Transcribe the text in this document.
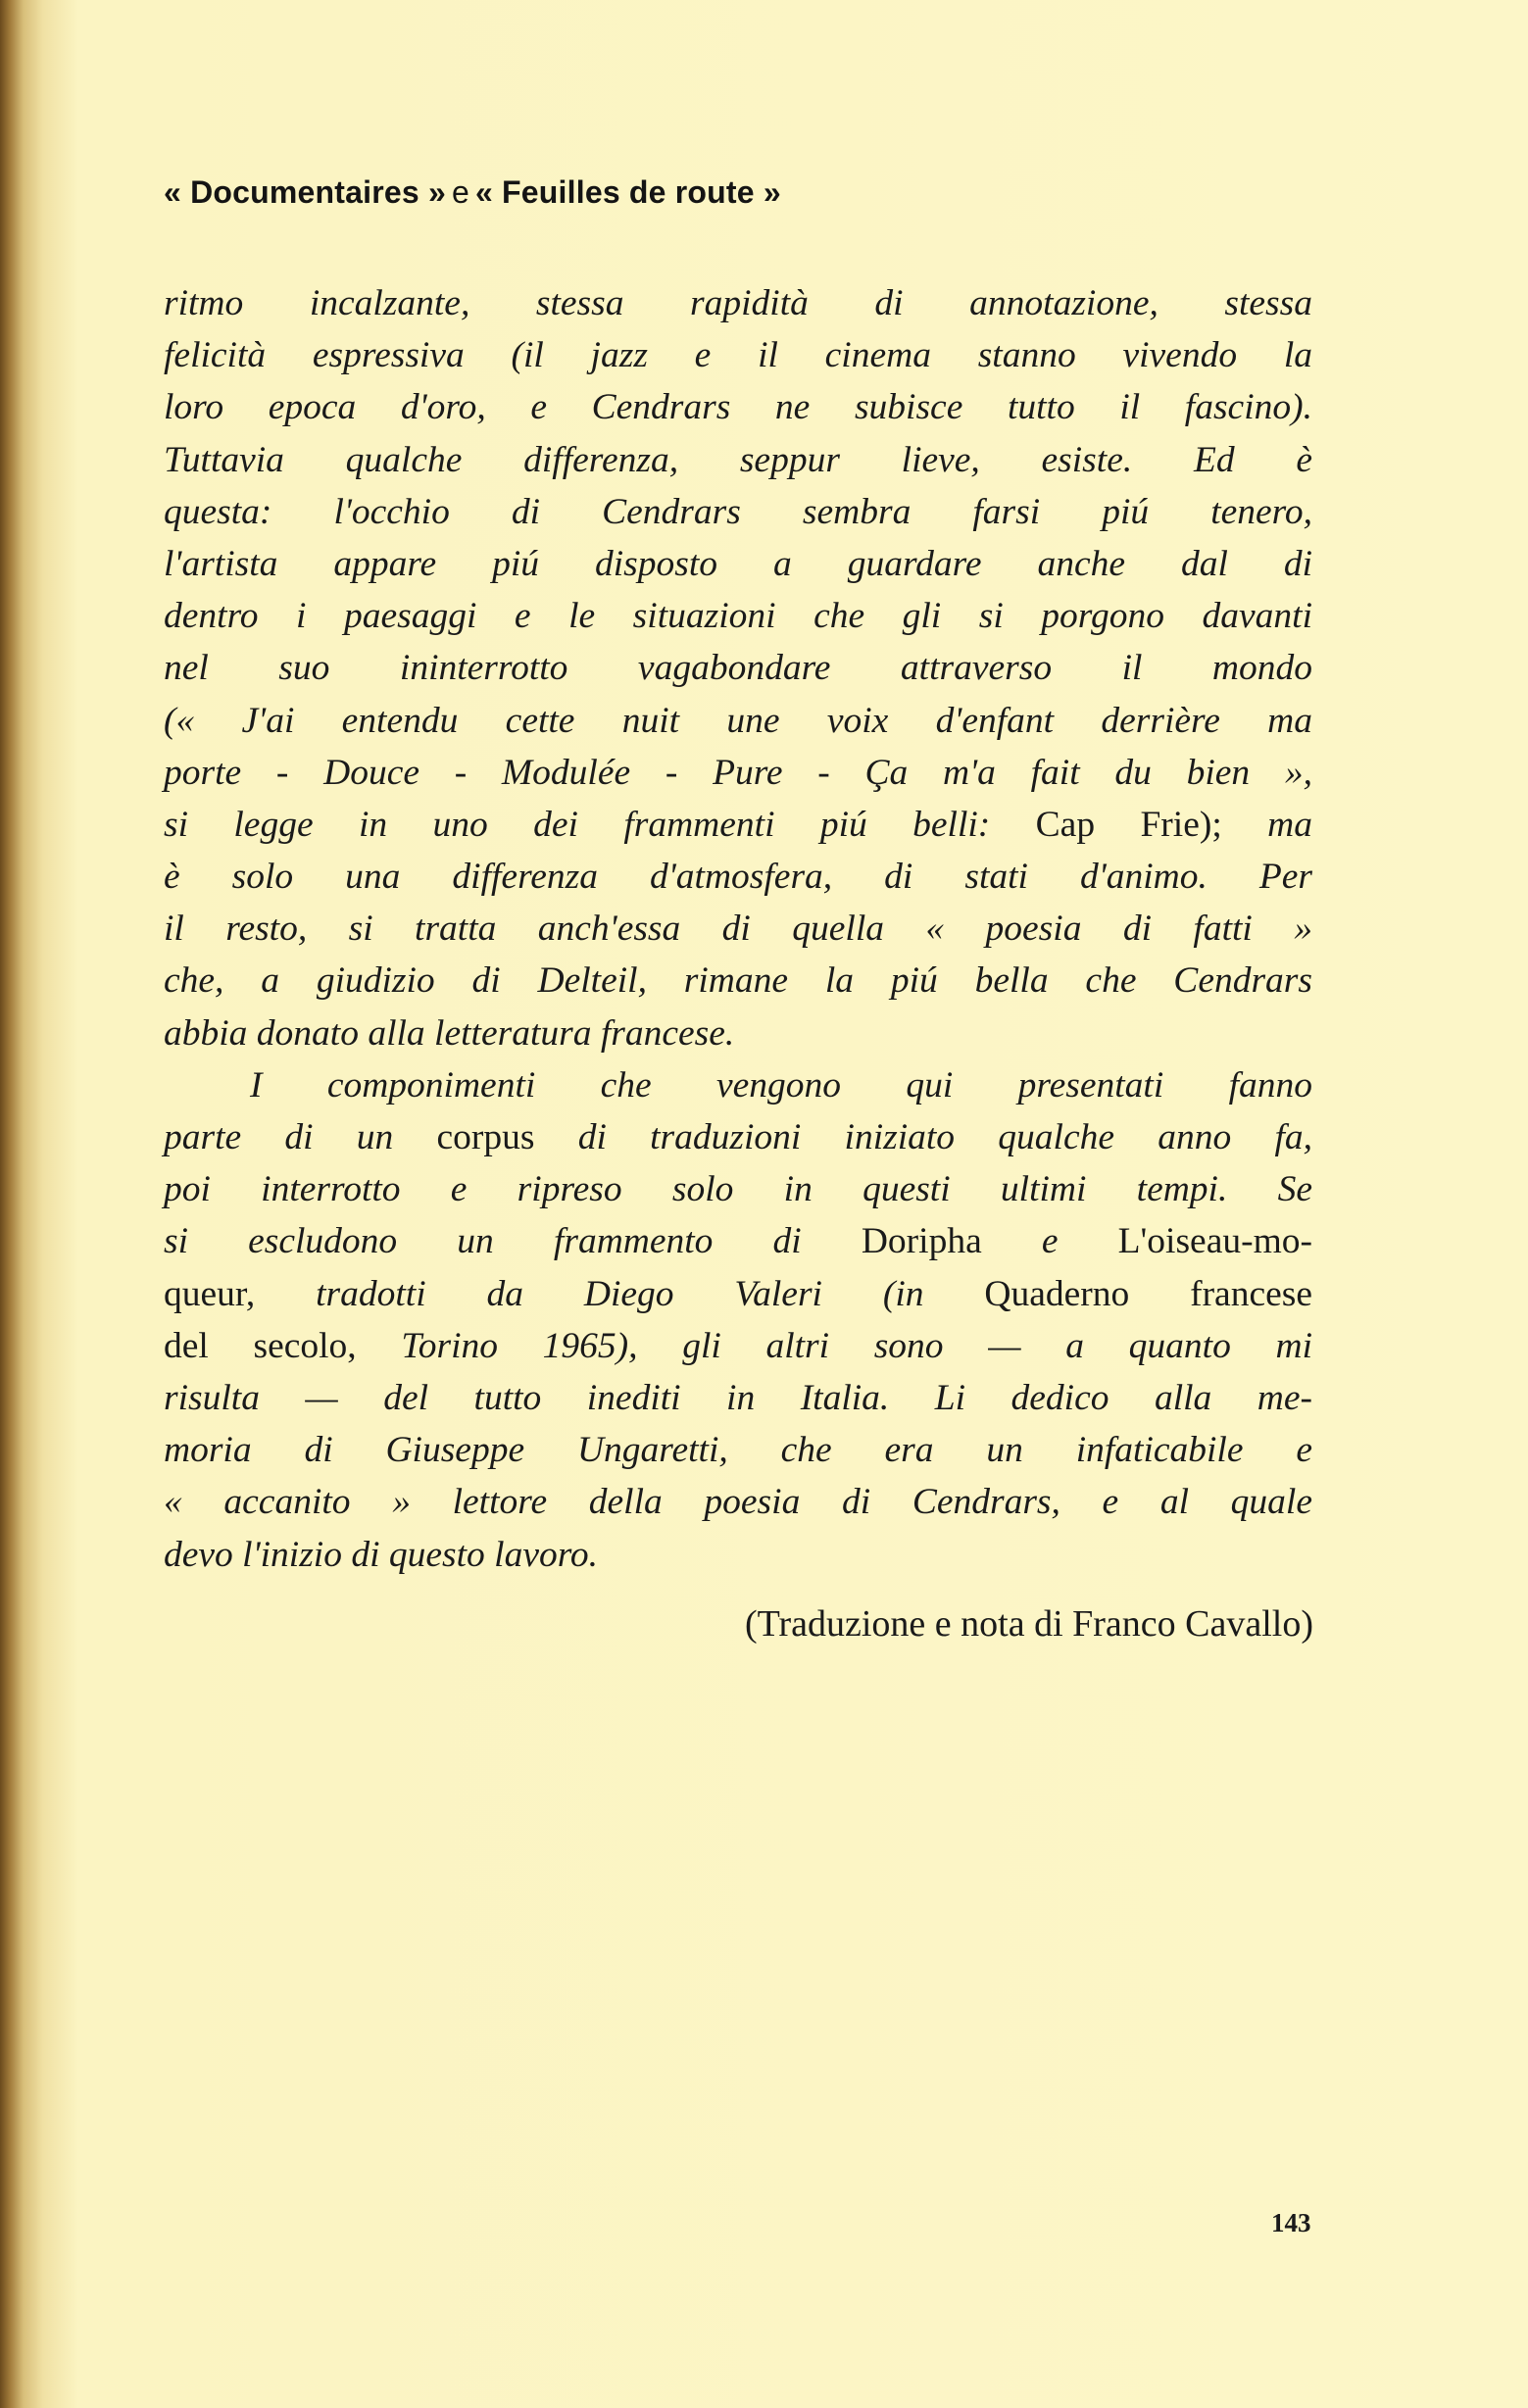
« Documentaires » e « Feuilles de route »
ritmo incalzante, stessa rapidità di annotazione, stessa
felicità espressiva (il jazz e il cinema stanno vivendo la
loro epoca d'oro, e Cendrars ne subisce tutto il fascino).
Tuttavia qualche differenza, seppur lieve, esiste. Ed è
questa: l'occhio di Cendrars sembra farsi piú tenero,
l'artista appare piú disposto a guardare anche dal di
dentro i paesaggi e le situazioni che gli si porgono davanti
nel suo ininterrotto vagabondare attraverso il mondo
(« J'ai entendu cette nuit une voix d'enfant derrière ma
porte - Douce - Modulée - Pure - Ça m'a fait du bien »,
si legge in uno dei frammenti piú belli: Cap Frie); ma
è solo una differenza d'atmosfera, di stati d'animo. Per
il resto, si tratta anch'essa di quella « poesia di fatti »
che, a giudizio di Delteil, rimane la piú bella che Cendrars
abbia donato alla letteratura francese.
I componimenti che vengono qui presentati fanno
parte di un corpus di traduzioni iniziato qualche anno fa,
poi interrotto e ripreso solo in questi ultimi tempi. Se
si escludono un frammento di Doripha e L'oiseau-mo-
queur, tradotti da Diego Valeri (in Quaderno francese
del secolo, Torino 1965), gli altri sono — a quanto mi
risulta — del tutto inediti in Italia. Li dedico alla me-
moria di Giuseppe Ungaretti, che era un infaticabile e
« accanito » lettore della poesia di Cendrars, e al quale
devo l'inizio di questo lavoro.
(Traduzione e nota di Franco Cavallo)
143
